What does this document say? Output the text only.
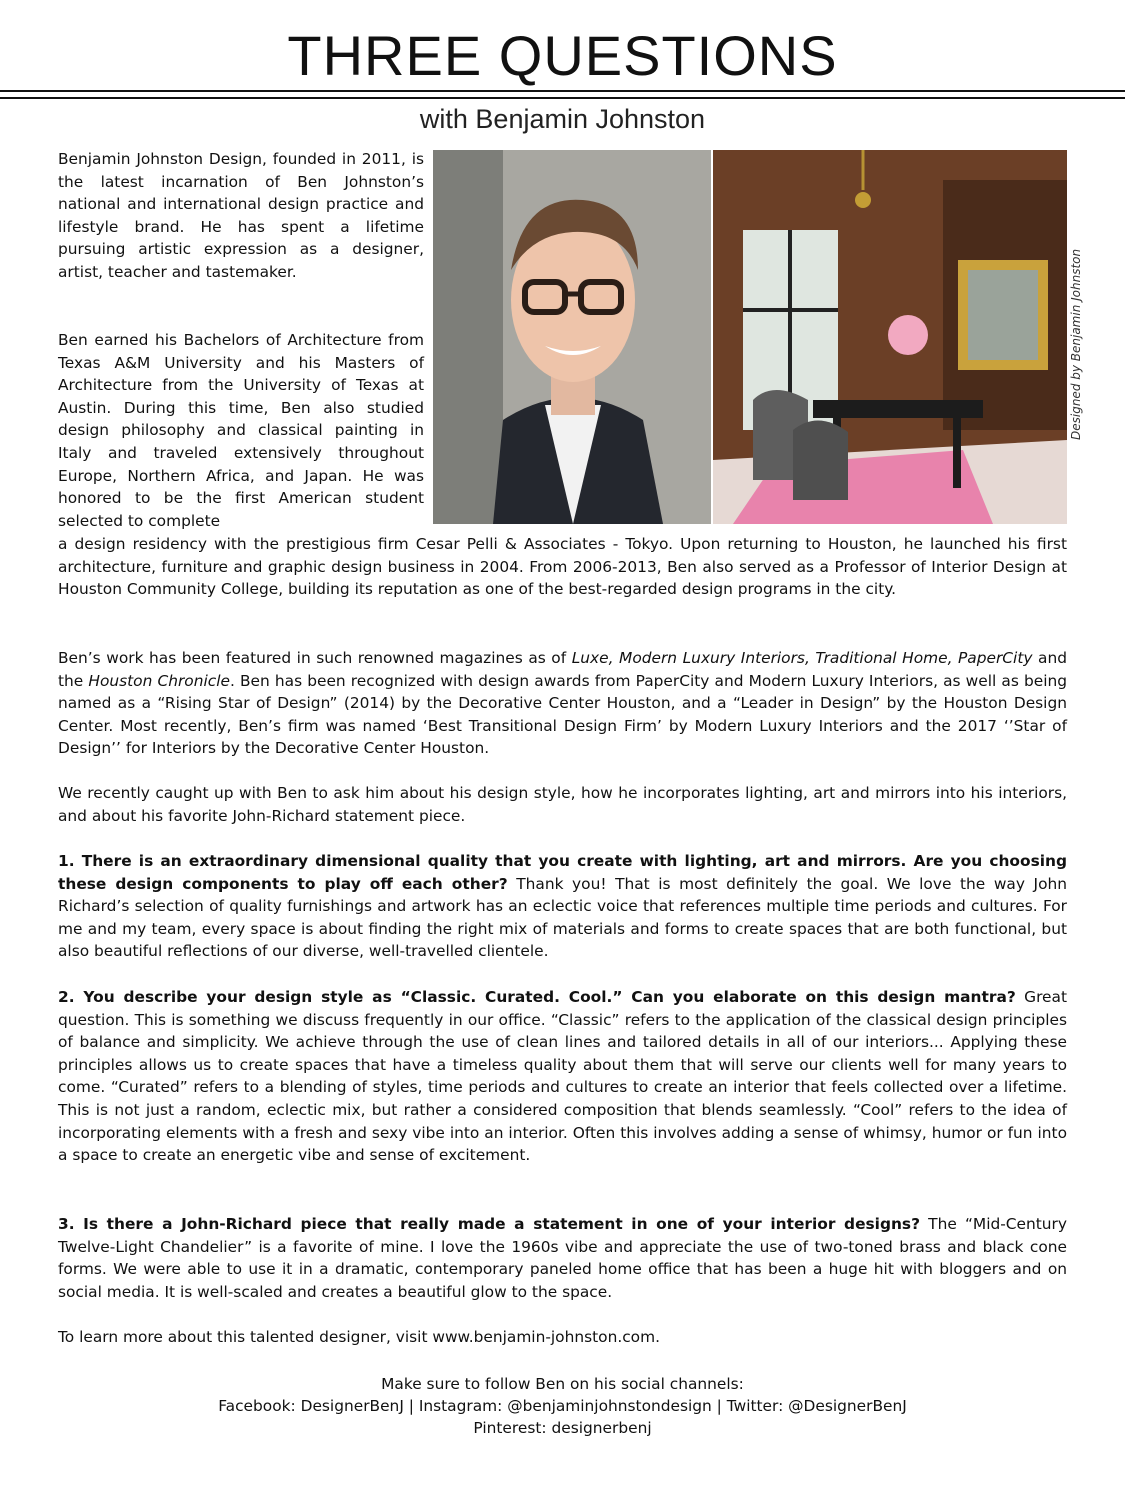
THREE QUESTIONS
with Benjamin Johnston

Benjamin Johnston Design, founded in 2011, is the latest incarnation of Ben Johnston’s national and international design practice and lifestyle brand. He has spent a lifetime pursuing artistic expression as a designer, artist, teacher and tastemaker.

Ben earned his Bachelors of Architecture from Texas A&M University and his Masters of Architecture from the University of Texas at Austin. During this time, Ben also studied design philosophy and classical painting in Italy and traveled extensively throughout Europe, Northern Africa, and Japan. He was honored to be the first American student selected to complete

Designed by Benjamin Johnston

a design residency with the prestigious firm Cesar Pelli & Associates - Tokyo. Upon returning to Houston, he launched his first architecture, furniture and graphic design business in 2004. From 2006-2013, Ben also served as a Professor of Interior Design at Houston Community College, building its reputation as one of the best-regarded design programs in the city.

Ben’s work has been featured in such renowned magazines as of Luxe, Modern Luxury Interiors, Traditional Home, PaperCity and the Houston Chronicle. Ben has been recognized with design awards from PaperCity and Modern Luxury Interiors, as well as being named as a “Rising Star of Design” (2014) by the Decorative Center Houston, and a “Leader in Design” by the Houston Design Center. Most recently, Ben’s firm was named ‘Best Transitional Design Firm’ by Modern Luxury Interiors and the 2017 ‘’Star of Design’’ for Interiors by the Decorative Center Houston.

We recently caught up with Ben to ask him about his design style, how he incorporates lighting, art and mirrors into his interiors, and about his favorite John-Richard statement piece.

1. There is an extraordinary dimensional quality that you create with lighting, art and mirrors. Are you choosing these design components to play off each other? Thank you! That is most definitely the goal. We love the way John Richard’s selection of quality furnishings and artwork has an eclectic voice that references multiple time periods and cultures. For me and my team, every space is about finding the right mix of materials and forms to create spaces that are both functional, but also beautiful reflections of our diverse, well-travelled clientele.

2. You describe your design style as “Classic. Curated. Cool.” Can you elaborate on this design mantra? Great question. This is something we discuss frequently in our office. “Classic” refers to the application of the classical design principles of balance and simplicity. We achieve through the use of clean lines and tailored details in all of our interiors... Applying these principles allows us to create spaces that have a timeless quality about them that will serve our clients well for many years to come. “Curated” refers to a blending of styles, time periods and cultures to create an interior that feels collected over a lifetime. This is not just a random, eclectic mix, but rather a considered composition that blends seamlessly. “Cool” refers to the idea of incorporating elements with a fresh and sexy vibe into an interior. Often this involves adding a sense of whimsy, humor or fun into a space to create an energetic vibe and sense of excitement.

3. Is there a John-Richard piece that really made a statement in one of your interior designs? The “Mid-Century Twelve-Light Chandelier” is a favorite of mine. I love the 1960s vibe and appreciate the use of two-toned brass and black cone forms. We were able to use it in a dramatic, contemporary paneled home office that has been a huge hit with bloggers and on social media. It is well-scaled and creates a beautiful glow to the space.

To learn more about this talented designer, visit www.benjamin-johnston.com.

Make sure to follow Ben on his social channels:
Facebook: DesignerBenJ | Instagram: @benjaminjohnstondesign | Twitter: @DesignerBenJ
Pinterest: designerbenj
